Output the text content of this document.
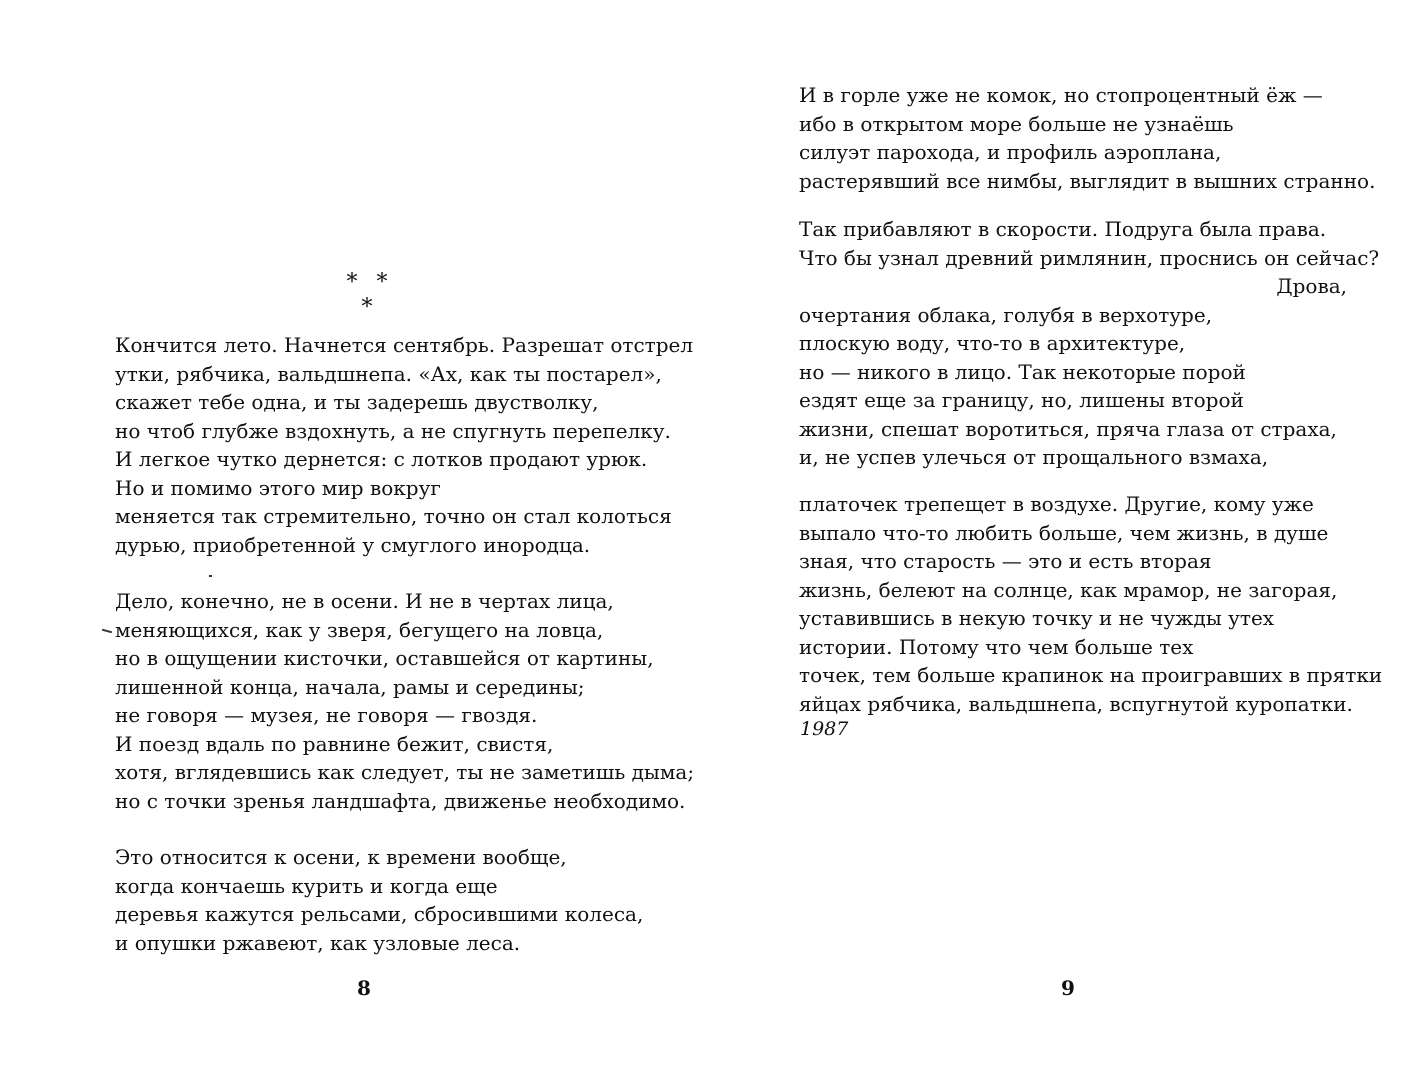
* * *
Кончится лето. Начнется сентябрь. Разрешат отстрел
утки, рябчика, вальдшнепа. «Ах, как ты постарел»,
скажет тебе одна, и ты задерешь двустволку,
но чтоб глубже вздохнуть, а не спугнуть перепелку.
И легкое чутко дернется: с лотков продают урюк.
Но и помимо этого мир вокруг
меняется так стремительно, точно он стал колоться
дурью, приобретенной у смуглого инородца.
Дело, конечно, не в осени. И не в чертах лица,
меняющихся, как у зверя, бегущего на ловца,
но в ощущении кисточки, оставшейся от картины,
лишенной конца, начала, рамы и середины;
не говоря — музея, не говоря — гвоздя.
И поезд вдаль по равнине бежит, свистя,
хотя, вглядевшись как следует, ты не заметишь дыма;
но с точки зренья ландшафта, движенье необходимо.
Это относится к осени, к времени вообще,
когда кончаешь курить и когда еще
деревья кажутся рельсами, сбросившими колеса,
и опушки ржавеют, как узловые леса.
8
И в горле уже не комок, но стопроцентный ёж —
ибо в открытом море больше не узнаёшь
силуэт парохода, и профиль аэроплана,
растерявший все нимбы, выглядит в вышних странно.
Так прибавляют в скорости. Подруга была права.
Что бы узнал древний римлянин, проснись он сейчас?
Дрова,
очертания облака, голубя в верхотуре,
плоскую воду, что-то в архитектуре,
но — никого в лицо. Так некоторые порой
ездят еще за границу, но, лишены второй
жизни, спешат воротиться, пряча глаза от страха,
и, не успев улечься от прощального взмаха,
платочек трепещет в воздухе. Другие, кому уже
выпало что-то любить больше, чем жизнь, в душе
зная, что старость — это и есть вторая
жизнь, белеют на солнце, как мрамор, не загорая,
уставившись в некую точку и не чужды утех
истории. Потому что чем больше тех
точек, тем больше крапинок на проигравших в прятки
яйцах рябчика, вальдшнепа, вспугнутой куропатки.
1987
9
